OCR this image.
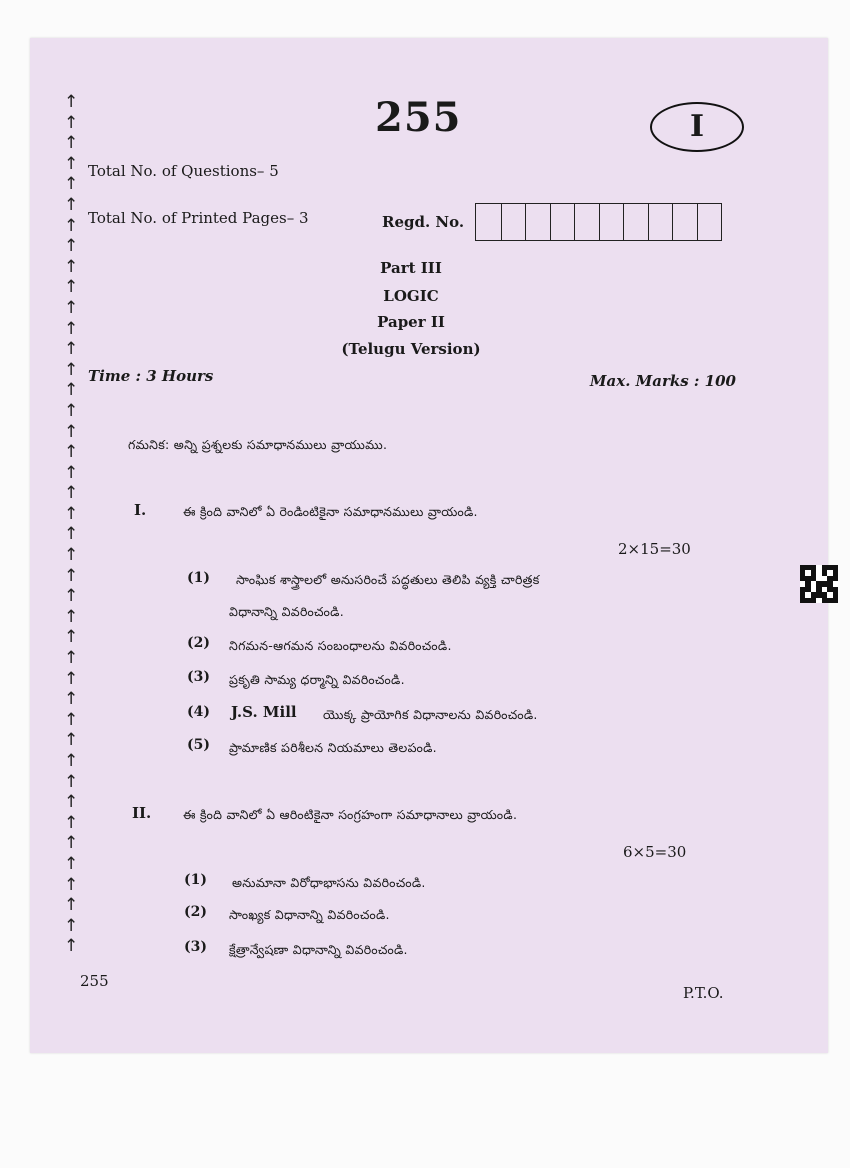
↑
↑
↑
↑
↑
↑
↑
↑
↑
↑
↑
↑
↑
↑
↑
↑
↑
↑
↑
↑
↑
↑
↑
↑
↑
↑
↑
↑
↑
↑
↑
↑
↑
↑
↑
↑
↑
↑
↑
↑
↑
↑
255	I
Total No. of Questions– 5
Total No. of Printed Pages– 3	Regd. No.
Part III
LOGIC
Paper II
(Telugu Version)
Time : 3 Hours	Max. Marks : 100
గమనిక: అన్ని ప్రశ్నలకు సమాధానములు వ్రాయుము.
I.	ఈ క్రింది వానిలో ఏ రెండింటికైనా సమాధానములు వ్రాయండి.
2×15=30
(1) సాంఘిక శాస్త్రాలలో అనుసరించే పద్ధతులు తెలిపి వ్యక్తి చారిత్రక
విధానాన్ని వివరించండి.
(2) నిగమన-ఆగమన సంబంధాలను వివరించండి.
(3) ప్రకృతి సామ్య ధర్మాన్ని వివరించండి.
(4) J.S. Mill యొక్క ప్రాయోగిక విధానాలను వివరించండి.
(5) ప్రామాణిక పరిశీలన నియమాలు తెలపండి.
II.	ఈ క్రింది వానిలో ఏ ఆరింటికైనా సంగ్రహంగా సమాధానాలు వ్రాయండి.
6×5=30
(1) అనుమానా విరోధాభాసను వివరించండి.
(2) సాంఖ్యక విధానాన్ని వివరించండి.
(3) క్షేత్రాన్వేషణా విధానాన్ని వివరించండి.
255
P.T.O.
